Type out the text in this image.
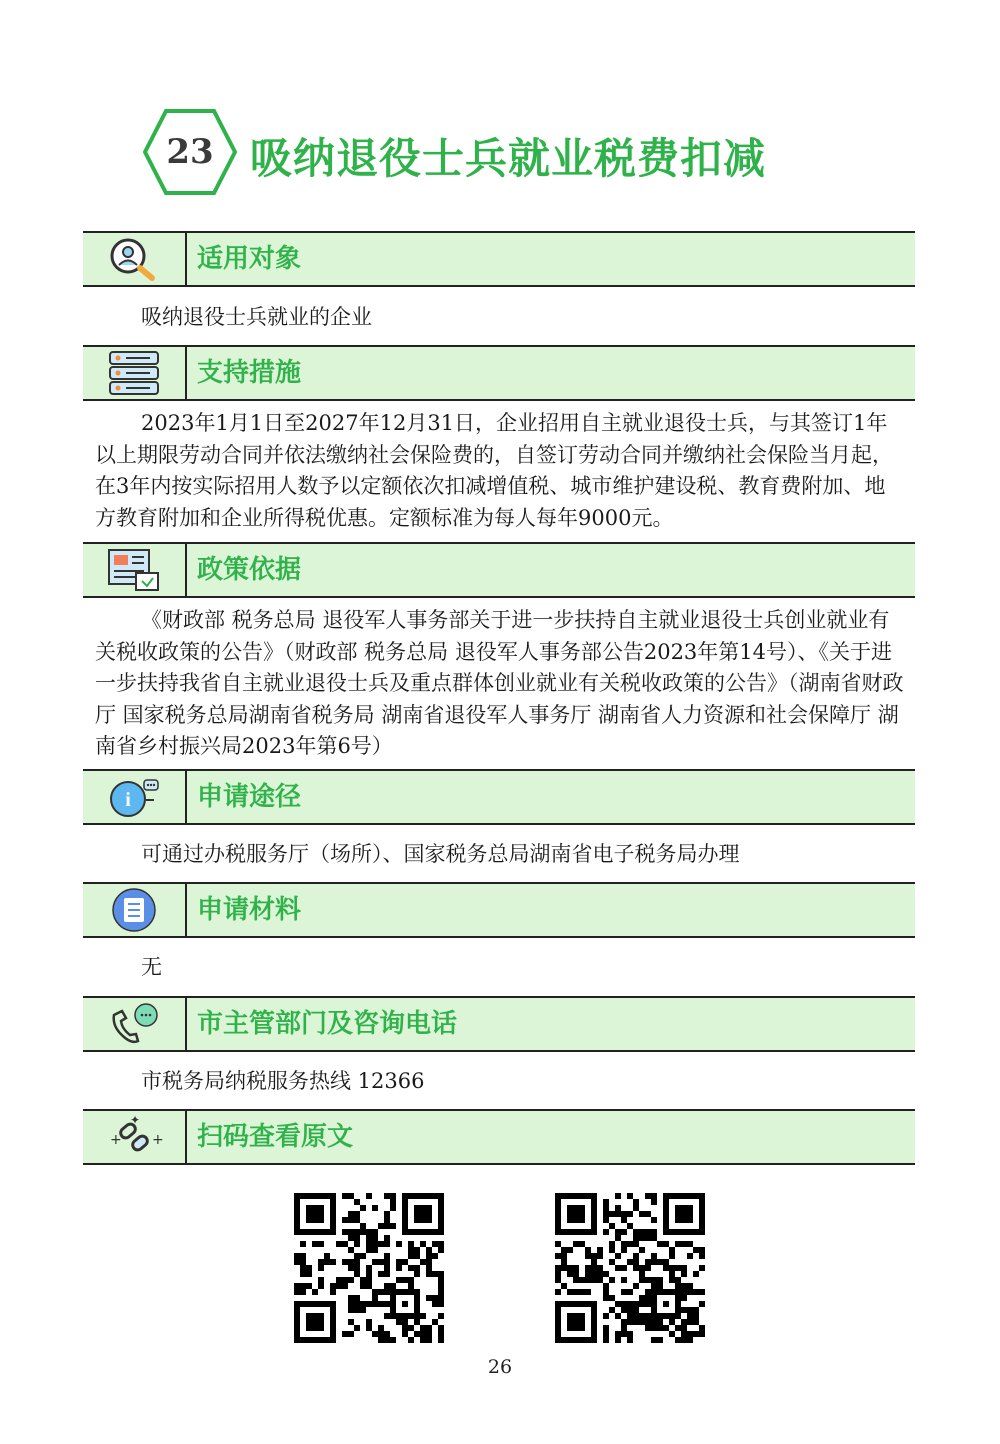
23 吸纳退役士兵就业税费扣减
适用对象
吸纳退役士兵就业的企业
支持措施
2023年1月1日至2027年12月31日，企业招用自主就业退役士兵，与其签订1年以上期限劳动合同并依法缴纳社会保险费的，自签订劳动合同并缴纳社会保险当月起，在3年内按实际招用人数予以定额依次扣减增值税、城市维护建设税、教育费附加、地方教育附加和企业所得税优惠。定额标准为每人每年9000元。
政策依据
《财政部 税务总局 退役军人事务部关于进一步扶持自主就业退役士兵创业就业有关税收政策的公告》（财政部 税务总局 退役军人事务部公告2023年第14号）、《关于进一步扶持我省自主就业退役士兵及重点群体创业就业有关税收政策的公告》（湖南省财政厅 国家税务总局湖南省税务局 湖南省退役军人事务厅 湖南省人力资源和社会保障厅 湖南省乡村振兴局2023年第6号）
i	申请途径
可通过办税服务厅（场所）、国家税务总局湖南省电子税务局办理
申请材料
无
市主管部门及咨询电话
市税务局纳税服务热线 12366
+ +
✦
扫码查看原文
26
